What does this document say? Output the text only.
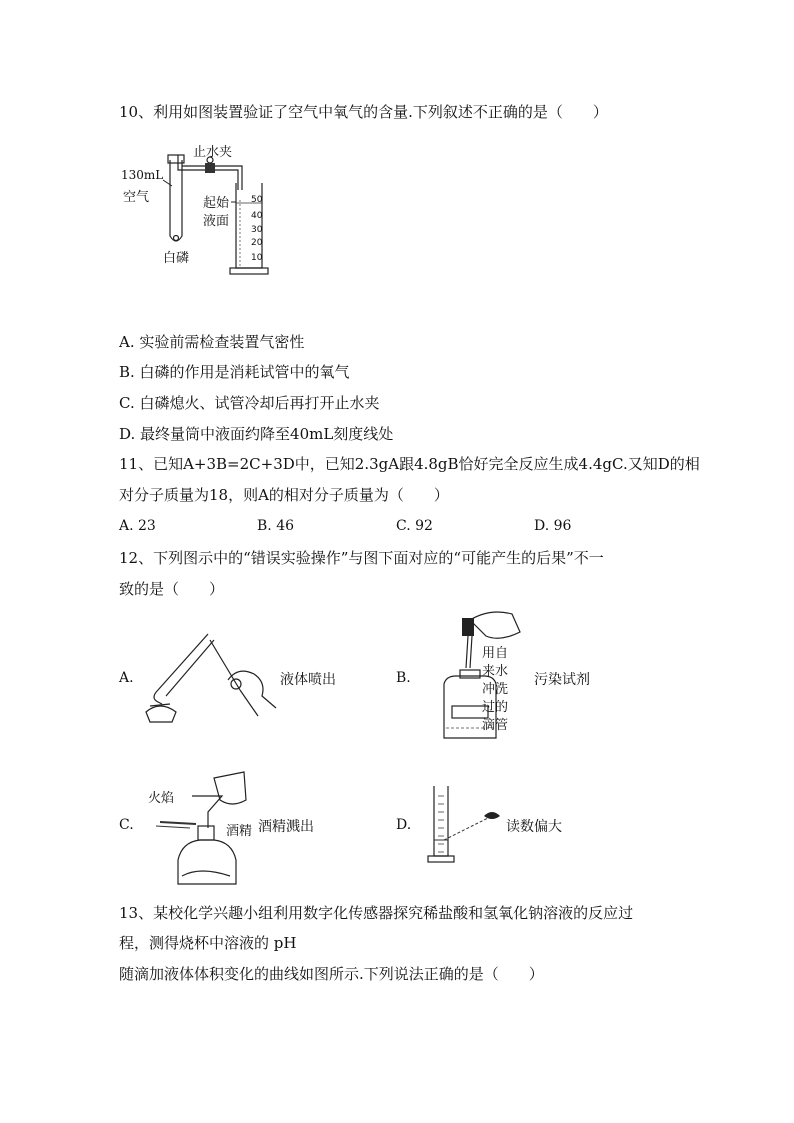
10、利用如图装置验证了空气中氧气的含量.下列叙述不正确的是（　　）
止水夹
130mL
空气	起始
液面
白磷
50
40
30
20
10
A. 实验前需检查装置气密性
B. 白磷的作用是消耗试管中的氧气
C. 白磷熄火、试管冷却后再打开止水夹
D. 最终量筒中液面约降至40mL刻度线处
11、已知A+3B=2C+3D中，已知2.3gA跟4.8gB恰好完全反应生成4.4gC.又知D的相
对分子质量为18，则A的相对分子质量为（　　）
A. 23	B. 46	C. 92	D. 96
12、下列图示中的“错误实验操作”与图下面对应的“可能产生的后果”不一
致的是（　　）
A.	液体喷出	B.
用自
来水
冲洗
过的
滴管
污染试剂
C.
火焰
酒精 酒精溅出	D.	读数偏大
13、某校化学兴趣小组利用数字化传感器探究稀盐酸和氢氧化钠溶液的反应过
程，测得烧杯中溶液的 pH
随滴加液体体积变化的曲线如图所示.下列说法正确的是（　　）
